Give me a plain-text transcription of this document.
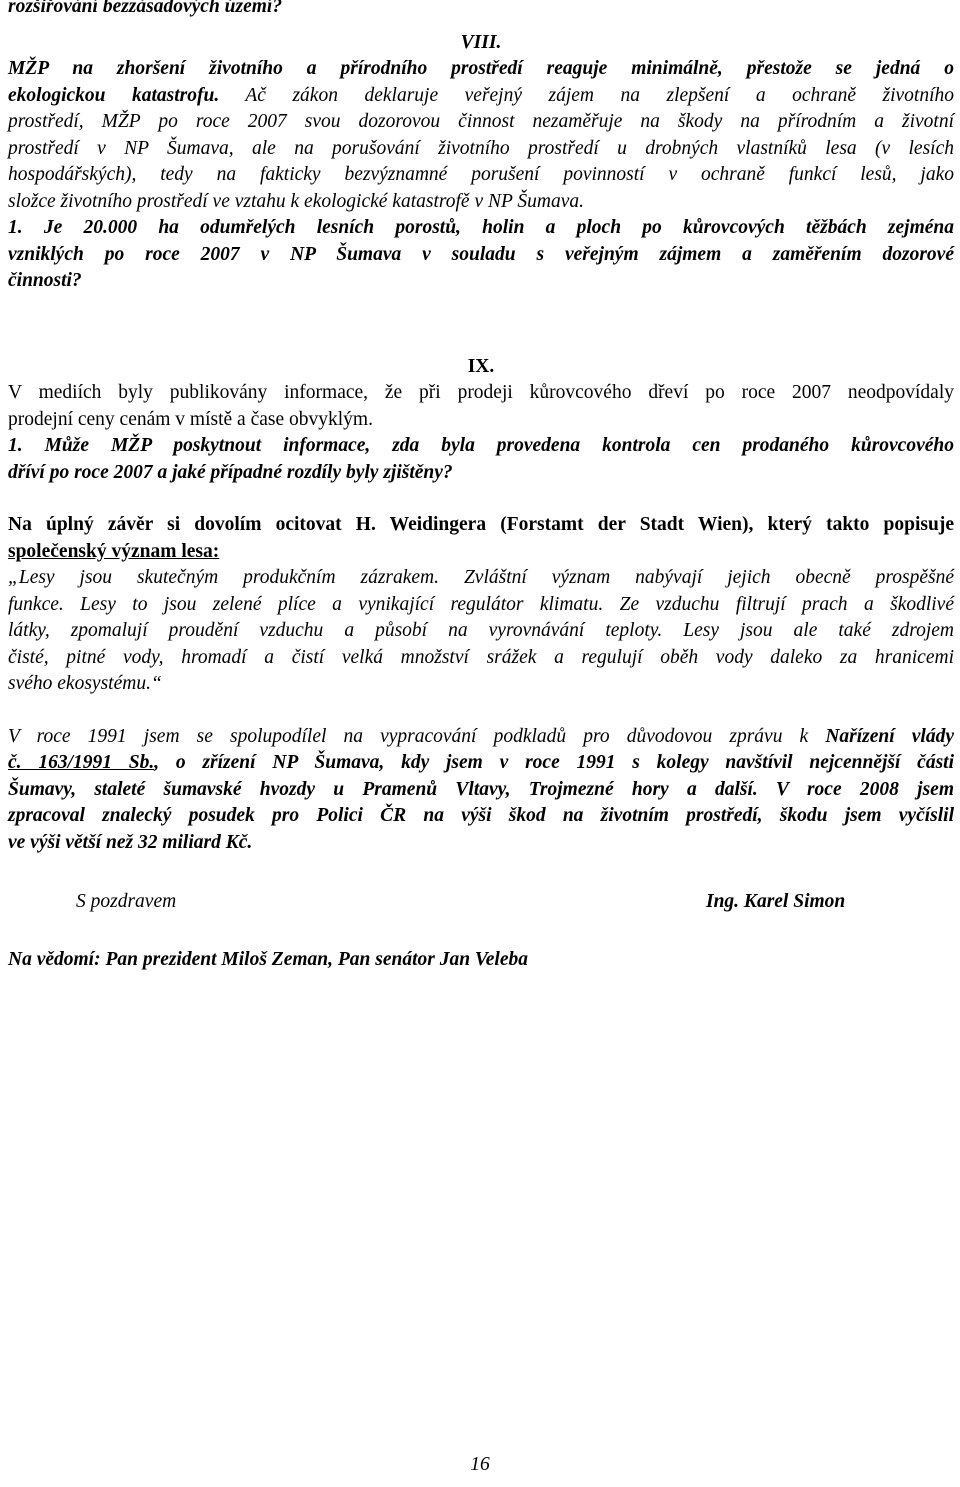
rozšiřování bezzásadových území?

VIII.

MŽP na zhoršení životního a přírodního prostředí reaguje minimálně, přestože se jedná o

ekologickou katastrofu. Ač zákon deklaruje veřejný zájem na zlepšení a ochraně životního

prostředí, MŽP po roce 2007 svou dozorovou činnost nezaměřuje na škody na přírodním a životní

prostředí v NP Šumava, ale na porušování životního prostředí u drobných vlastníků lesa (v lesích

hospodářských), tedy na fakticky bezvýznamné porušení povinností v ochraně funkcí lesů, jako

složce životního prostředí ve vztahu k ekologické katastrofě v NP Šumava.

1. Je 20.000 ha odumřelých lesních porostů, holin a ploch po kůrovcových těžbách zejména

vzniklých po roce 2007 v NP Šumava v souladu s veřejným zájmem a zaměřením dozorové

činnosti?

IX.

V mediích byly publikovány informace, že při prodeji kůrovcového dřeví po roce 2007 neodpovídaly

prodejní ceny cenám v místě a čase obvyklým.

1. Může MŽP poskytnout informace, zda byla provedena kontrola cen prodaného kůrovcového

dříví po roce 2007 a jaké případné rozdíly byly zjištěny?

Na úplný závěr si dovolím ocitovat H. Weidingera (Forstamt der Stadt Wien), který takto popisuje

společenský význam lesa:

„Lesy jsou skutečným produkčním zázrakem. Zvláštní význam nabývají jejich obecně prospěšné

funkce. Lesy to jsou zelené plíce a vynikající regulátor klimatu. Ze vzduchu filtrují prach a škodlivé

látky, zpomalují proudění vzduchu a působí na vyrovnávání teploty. Lesy jsou ale také zdrojem

čisté, pitné vody, hromadí a čistí velká množství srážek a regulují oběh vody daleko za hranicemi

svého ekosystému.“

V roce 1991 jsem se spolupodílel na vypracování podkladů pro důvodovou zprávu k Nařízení vlády

č. 163/1991 Sb., o zřízení NP Šumava, kdy jsem v roce 1991 s kolegy navštívil nejcennější části

Šumavy, staleté šumavské hvozdy u Pramenů Vltavy, Trojmezné hory a další. V roce 2008 jsem

zpracoval znalecký posudek pro Polici ČR na výši škod na životním prostředí, škodu jsem vyčíslil

ve výši větší než 32 miliard Kč.

S pozdravem	Ing. Karel Simon

Na vědomí: Pan prezident Miloš Zeman, Pan senátor Jan Veleba

16
